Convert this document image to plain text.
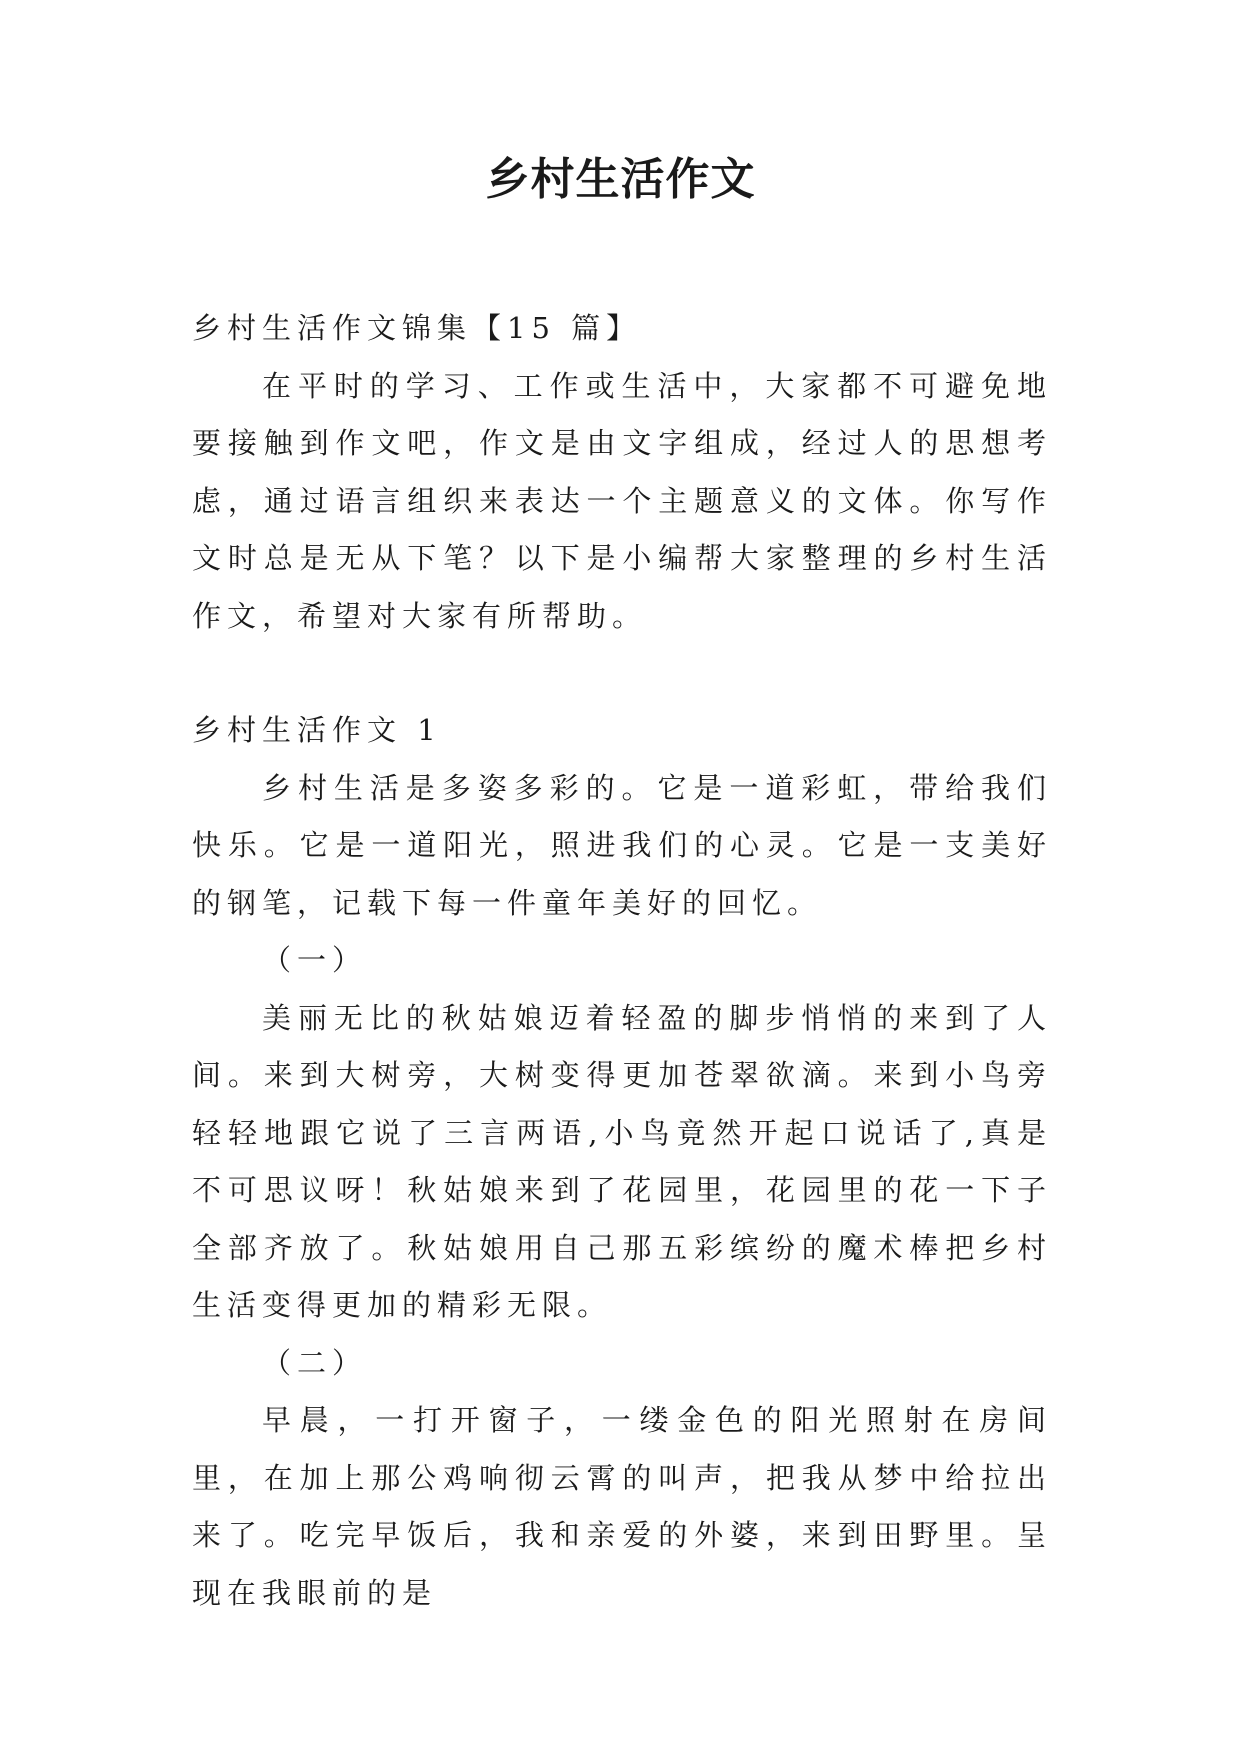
乡村生活作文

乡村生活作文锦集【15 篇】

在平时的学习、工作或生活中，大家都不可避免地要接触到作文吧，作文是由文字组成，经过人的思想考虑，通过语言组织来表达一个主题意义的文体。你写作文时总是无从下笔？以下是小编帮大家整理的乡村生活作文，希望对大家有所帮助。

乡村生活作文 1

乡村生活是多姿多彩的。它是一道彩虹，带给我们快乐。它是一道阳光，照进我们的心灵。它是一支美好的钢笔，记载下每一件童年美好的回忆。

（一）

美丽无比的秋姑娘迈着轻盈的脚步悄悄的来到了人间。来到大树旁，大树变得更加苍翠欲滴。来到小鸟旁轻轻地跟它说了三言两语,小鸟竟然开起口说话了,真是不可思议呀！秋姑娘来到了花园里，花园里的花一下子全部齐放了。秋姑娘用自己那五彩缤纷的魔术棒把乡村生活变得更加的精彩无限。

（二）

早晨，一打开窗子，一缕金色的阳光照射在房间里，在加上那公鸡响彻云霄的叫声，把我从梦中给拉出来了。吃完早饭后，我和亲爱的外婆，来到田野里。呈现在我眼前的是
